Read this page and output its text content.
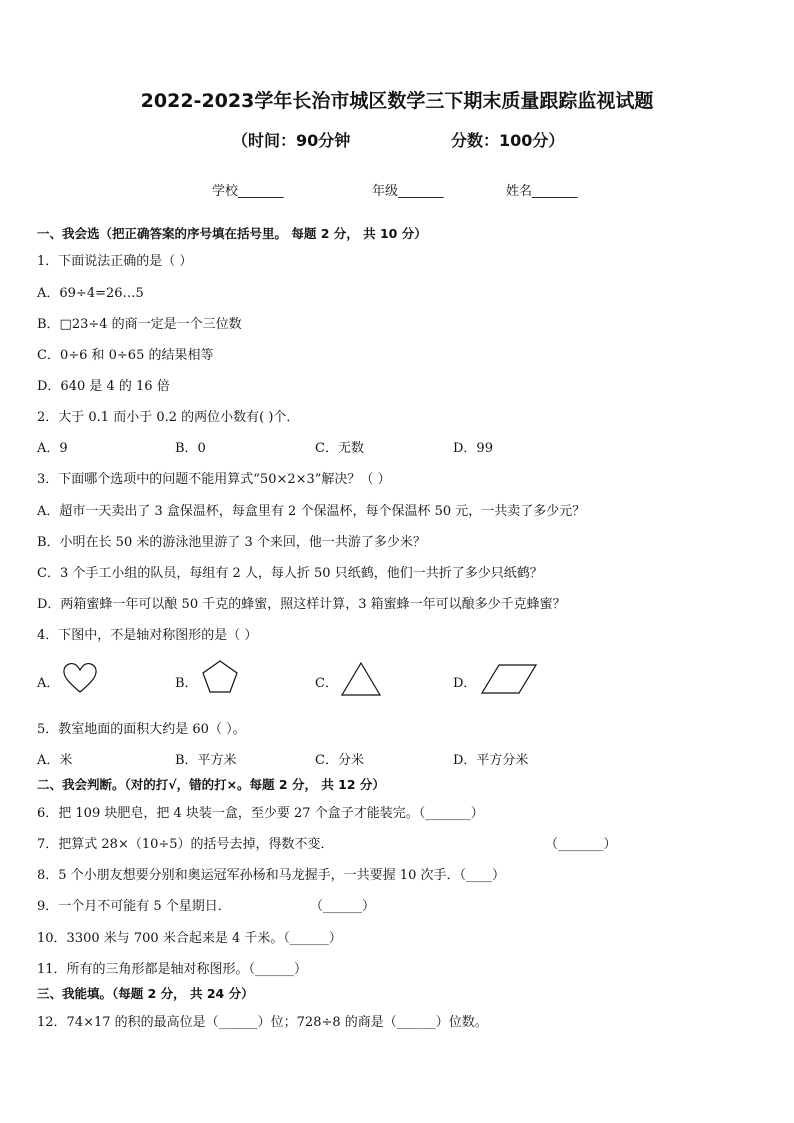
2022-2023学年长治市城区数学三下期末质量跟踪监视试题
（时间：90分钟	分数：100分）
学校_______	年级_______	姓名_______
一、我会选（把正确答案的序号填在括号里。 每题 2 分， 共 10 分）
1．下面说法正确的是（ ）
A．69÷4=26…5
B．□23÷4 的商一定是一个三位数
C．0÷6 和 0÷65 的结果相等
D．640 是 4 的 16 倍
2．大于 0.1 而小于 0.2 的两位小数有( )个．
A．9	B．0	C．无数	D．99
3．下面哪个选项中的问题不能用算式“50×2×3”解决？（ ）
A．超市一天卖出了 3 盒保温杯，每盒里有 2 个保温杯，每个保温杯 50 元，一共卖了多少元？
B．小明在长 50 米的游泳池里游了 3 个来回，他一共游了多少米？
C．3 个手工小组的队员，每组有 2 人，每人折 50 只纸鹤，他们一共折了多少只纸鹤？
D．两箱蜜蜂一年可以酿 50 千克的蜂蜜，照这样计算，3 箱蜜蜂一年可以酿多少千克蜂蜜？
4．下图中，不是轴对称图形的是（ ）
A．	B．	C．	D．
5．教室地面的面积大约是 60（ ）。
A．米	B．平方米	C．分米	D．平方分米
二、我会判断。（对的打√，错的打×。每题 2 分， 共 12 分）
6．把 109 块肥皂，把 4 块装一盒，至少要 27 个盒子才能装完。（_______）
7．把算式 28×（10÷5）的括号去掉，得数不变．	（_______）
8．5 个小朋友想要分别和奥运冠军孙杨和马龙握手，一共要握 10 次手．（____）
9．一个月不可能有 5 个星期日．	（______）
10．3300 米与 700 米合起来是 4 千米。（______）
11．所有的三角形都是轴对称图形。（______）
三、我能填。（每题 2 分， 共 24 分）
12．74×17 的积的最高位是（______）位；728÷8 的商是（______）位数。
